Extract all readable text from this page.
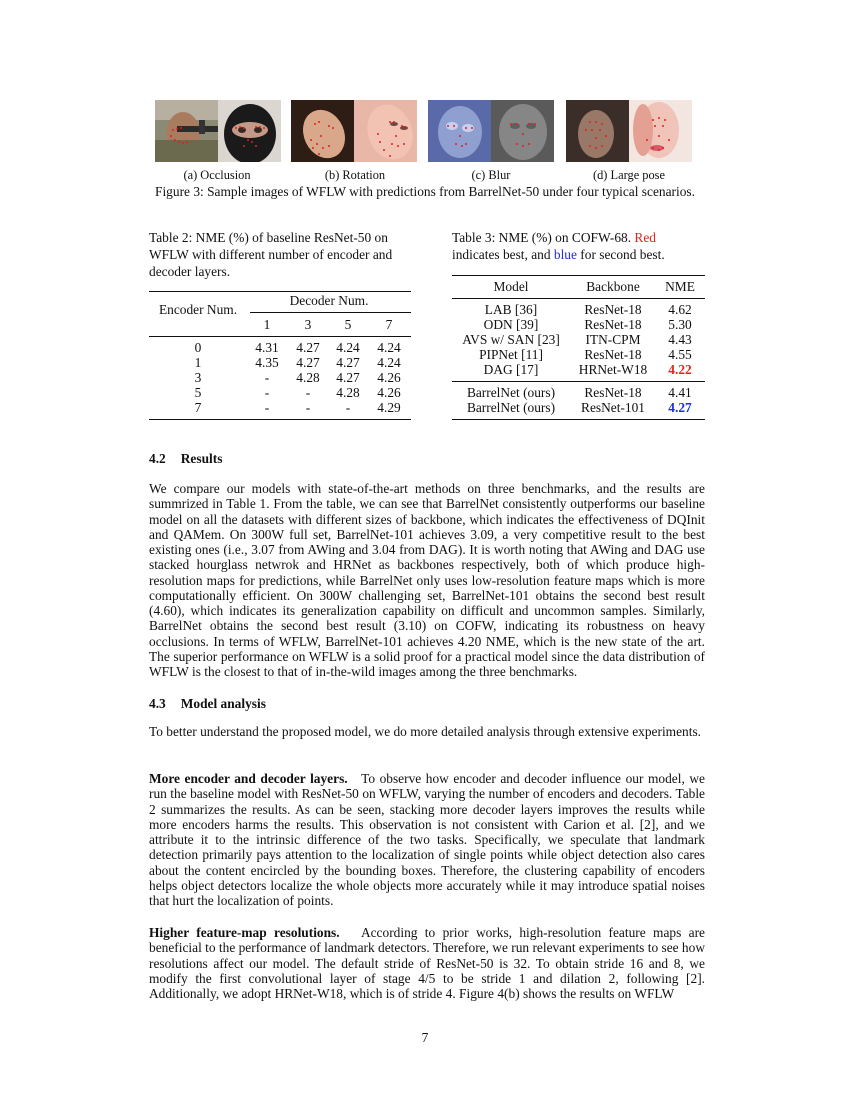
(a) Occlusion	(b) Rotation	(c) Blur	(d) Large pose
Figure 3: Sample images of WFLW with predictions from BarrelNet-50 under four typical scenarios.
Table 2: NME (%) of baseline ResNet-50 on WFLW with different number of encoder and decoder layers.
Encoder Num.
Decoder Num.
1	3 5	7
0	4.31 4.27 4.24 4.24
1	4.35 4.27 4.27 4.24
3	- 4.28 4.27 4.26
5	-	- 4.28 4.26
7	-	-	- 4.29
Table 3: NME (%) on COFW-68. Red indicates best, and blue for second best.
Model	Backbone NME
LAB [36]	ResNet-18 4.62
ODN [39]	ResNet-18 5.30
AVS w/ SAN [23] ITN-CPM 4.43
PIPNet [11]	ResNet-18 4.55
DAG [17]	HRNet-W18 4.22
BarrelNet (ours) ResNet-18 4.41
BarrelNet (ours) ResNet-101 4.27
4.2 Results
We compare our models with state-of-the-art methods on three benchmarks, and the results are summrized in Table 1. From the table, we can see that BarrelNet consistently outperforms our baseline model on all the datasets with different sizes of backbone, which indicates the effectiveness of DQInit and QAMem. On 300W full set, BarrelNet-101 achieves 3.09, a very competitive result to the best existing ones (i.e., 3.07 from AWing and 3.04 from DAG). It is worth noting that AWing and DAG use stacked hourglass netwrok and HRNet as backbones respectively, both of which produce high-resolution maps for predictions, while BarrelNet only uses low-resolution feature maps which is more computationally efficient. On 300W challenging set, BarrelNet-101 obtains the second best result (4.60), which indicates its generalization capability on difficult and uncommon samples. Similarly, BarrelNet obtains the second best result (3.10) on COFW, indicating its robustness on heavy occlusions. In terms of WFLW, BarrelNet-101 achieves 4.20 NME, which is the new state of the art. The superior performance on WFLW is a solid proof for a practical model since the data distribution of WFLW is the closest to that of in-the-wild images among the three benchmarks.
4.3 Model analysis
To better understand the proposed model, we do more detailed analysis through extensive experiments.
More encoder and decoder layers. To observe how encoder and decoder influence our model, we run the baseline model with ResNet-50 on WFLW, varying the number of encoders and decoders. Table 2 summarizes the results. As can be seen, stacking more decoder layers improves the results while more encoders harms the results. This observation is not consistent with Carion et al. [2], and we attribute it to the intrinsic difference of the two tasks. Specifically, we speculate that landmark detection primarily pays attention to the localization of single points while object detection also cares about the content encircled by the bounding boxes. Therefore, the clustering capability of encoders helps object detectors localize the whole objects more accurately while it may introduce spatial noises that hurt the localization of points.
Higher feature-map resolutions. According to prior works, high-resolution feature maps are beneficial to the performance of landmark detectors. Therefore, we run relevant experiments to see how resolutions affect our model. The default stride of ResNet-50 is 32. To obtain stride 16 and 8, we modify the first convolutional layer of stage 4/5 to be stride 1 and dilation 2, following [2]. Additionally, we adopt HRNet-W18, which is of stride 4. Figure 4(b) shows the results on WFLW
7
